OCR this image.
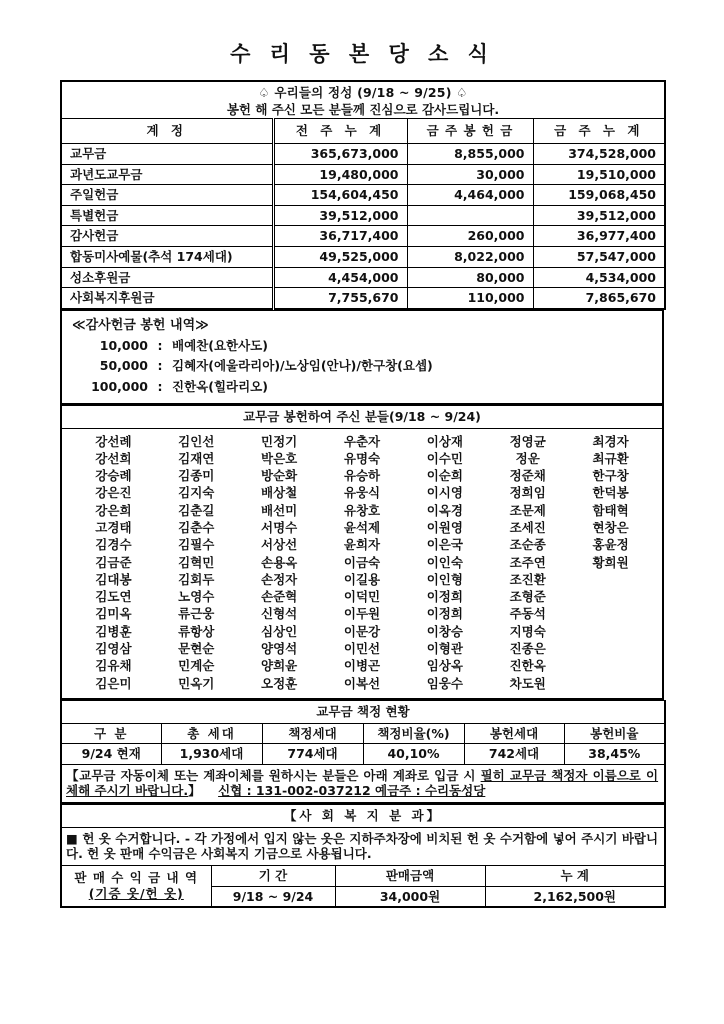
수 리 동 본 당 소 식
♤ 우리들의 정성 (9/18 ~ 9/25) ♤
봉헌 해 주신 모든 분들께 진심으로 감사드립니다.			

계 정	전 주 누 계	금 주 봉 헌 금	금 주 누 계
교무금	365,673,000	8,855,000	374,528,000
과년도교무금	19,480,000	30,000	19,510,000
주일헌금	154,604,450	4,464,000	159,068,450
특별헌금	39,512,000		39,512,000
감사헌금	36,717,400	260,000	36,977,400
합동미사예물(추석 174세대)	49,525,000	8,022,000	57,547,000
성소후원금	4,454,000	80,000	4,534,000
사회복지후원금	7,755,670	110,000	7,865,670
≪감사헌금 봉헌 내역≫
10,000 : 배예찬(요한사도)
50,000 : 김혜자(에울라리아)/노상임(안나)/한구창(요셉)
100,000 : 진한옥(힐라리오)
교무금 봉헌하여 주신 분들(9/18 ~ 9/24)

강선례	김인선	민정기	우춘자	이상재	정영균	최경자
강선희	김재연	박은호	유명숙	이수민	정운	최규환
강승례	김종미	방순화	유승하	이순희	정준채	한구창
강은진	김지숙	배상철	유웅식	이시영	정희임	한덕봉
강은희	김춘길	배선미	유창호	이옥경	조문제	함태혁
고경태	김춘수	서명수	윤석제	이원영	조세진	현창은
김경수	김필수	서상선	윤희자	이은국	조순종	홍윤정
김금준	김혁민	손용옥	이금숙	이인숙	조주연	황희원
김대봉	김회두	손정자	이길용	이인형	조진환
김도연	노영수	손준혁	이덕민	이정희	조형준
김미옥	류근웅	신형석	이두원	이정희	주동석
김병훈	류항상	심상인	이문강	이창승	지명숙
김영삼	문현순	양영석	이민선	이형관	진종은
김유채	민계순	양희윤	이병곤	임상옥	진한옥
김은미	민옥기	오정훈	이복선	임웅수	차도원
교무금 책정 현황					
구 분	총 세대	책정세대	책정비율(%)	봉헌세대	봉헌비율
9/24 현재	1,930세대	774세대	40,10%	742세대	38,45%
【교무금 자동이체 또는 계좌이체를 원하시는 분들은 아래 계좌로 입금 시 필히 교무금 책정자 이름으로 이체해 주시기 바랍니다.】 신협 : 131-002-037212 예금주 : 수리동성당					
【사 회 복 지 분 과】			
■ 헌 옷 수거합니다. - 각 가정에서 입지 않는 옷은 지하주차장에 비치된 헌 옷 수거함에 넣어 주시기 바랍니다. 헌 옷 판매 수익금은 사회복지 기금으로 사용됩니다.			
판 매 수 익 금 내 역
(기증 옷/헌 옷)	기 간	판매금액	누 계
	9/18 ~ 9/24	34,000원	2,162,500원
